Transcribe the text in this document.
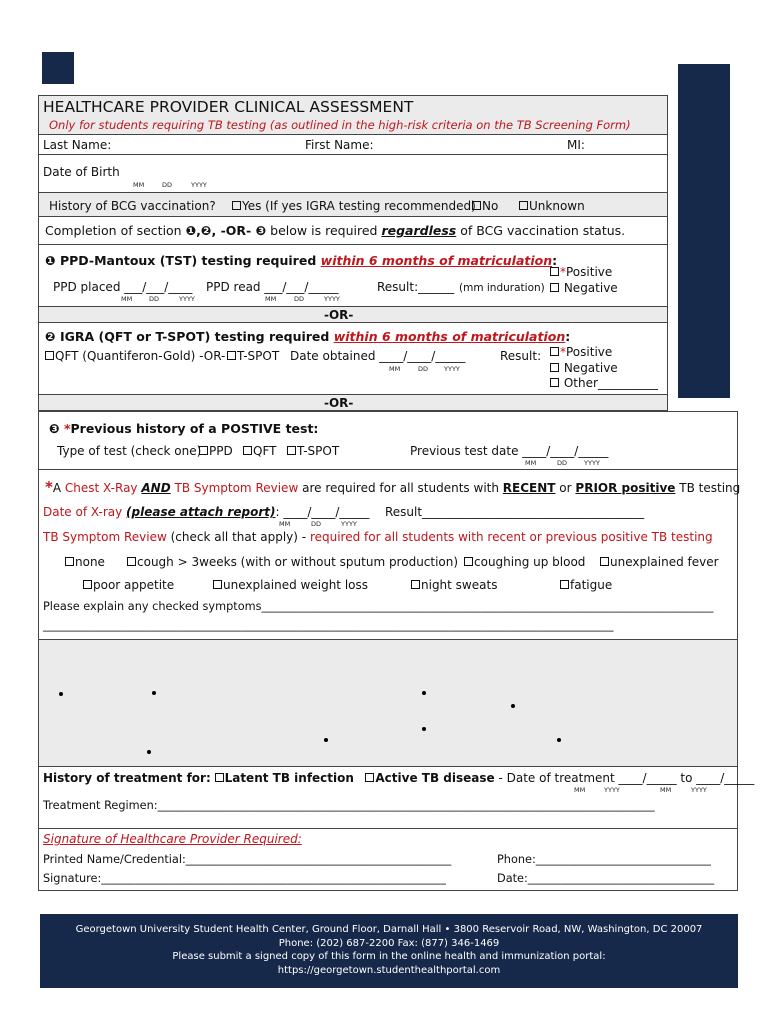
HEALTHCARE PROVIDER CLINICAL ASSESSMENT
Only for students requiring TB testing (as outlined in the high-risk criteria on the TB Screening Form)
Last Name:	First Name:	MI:
Date of Birth
MM	DD	YYYY
History of BCG vaccination?	Yes (If yes IGRA testing recommended) No	Unknown
Completion of section ❶,❷, -OR- ❸ below is required regardless of BCG vaccination status.
❶ PPD-Mantoux (TST) testing required within 6 months of matriculation:
PPD placed ___/___/____
MM	DD	YYYY
PPD read ___/___/_____
MM	DD	YYYY
Result:______ (mm induration)
*Positive
Negative
-OR-
❷ IGRA (QFT or T-SPOT) testing required within 6 months of matriculation:
QFT (Quantiferon-Gold) -OR- T-SPOT Date obtained ____/____/_____
MM	DD YYYY
Result:	*Positive
Negative
Other__________
-OR-
❸ *Previous history of a POSTIVE test:
Type of test (check one) PPD	QFT	T-SPOT	Previous test date ____/____/_____
MM	DD	YYYY
*A Chest X-Ray AND TB Symptom Review are required for all students with RECENT or PRIOR positive TB testing
Date of X-ray (please attach report): ____/____/_____
MM	DD	YYYY
Result_____________________________________
TB Symptom Review (check all that apply) - required for all students with recent or previous positive TB testing
none	cough > 3weeks (with or without sputum production)	coughing up blood	unexplained fever
poor appetite	unexplained weight loss	night sweats	fatigue
Please explain any checked symptoms________________________________________________________________________________
_____________________________________________________________________________________________________
History of treatment for: Latent TB infection Active TB disease - Date of treatment ____/_____ to ____/_____
MM	YYYY	MM	YYYY
Treatment Regimen:________________________________________________________________________________________
Signature of Healthcare Provider Required:
Printed Name/Credential:_______________________________________________	Phone:_______________________________
Signature:_____________________________________________________________	Date:_________________________________
Georgetown University Student Health Center, Ground Floor, Darnall Hall • 3800 Reservoir Road, NW, Washington, DC 20007
Phone: (202) 687-2200 Fax: (877) 346-1469
Please submit a signed copy of this form in the online health and immunization portal:
https://georgetown.studenthealthportal.com
